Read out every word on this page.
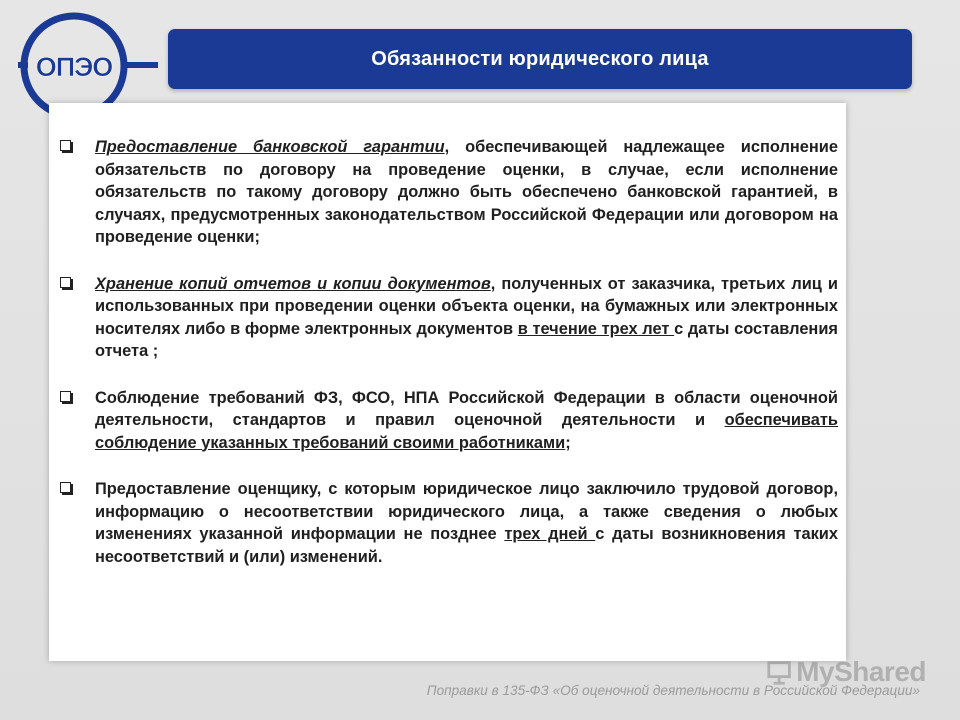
ОПЭО	Обязанности юридического лица
Предоставление банковской гарантии, обеспечивающей надлежащее исполнение обязательств по договору на проведение оценки, в случае, если исполнение обязательств по такому договору должно быть обеспечено банковской гарантией, в случаях, предусмотренных законодательством Российской Федерации или договором на проведение оценки;
Хранение копий отчетов и копии документов, полученных от заказчика, третьих лиц и использованных при проведении оценки объекта оценки, на бумажных или электронных носителях либо в форме электронных документов в течение трех лет с даты составления отчета ;
Соблюдение требований ФЗ, ФСО, НПА Российской Федерации в области оценочной деятельности, стандартов и правил оценочной деятельности и обеспечивать соблюдение указанных требований своими работниками;
Предоставление оценщику, с которым юридическое лицо заключило трудовой договор, информацию о несоответствии юридического лица, а также сведения о любых изменениях указанной информации не позднее трех дней с даты возникновения таких несоответствий и (или) изменений.
MyShared
Поправки в 135-ФЗ «Об оценочной деятельности в Российской Федерации»
